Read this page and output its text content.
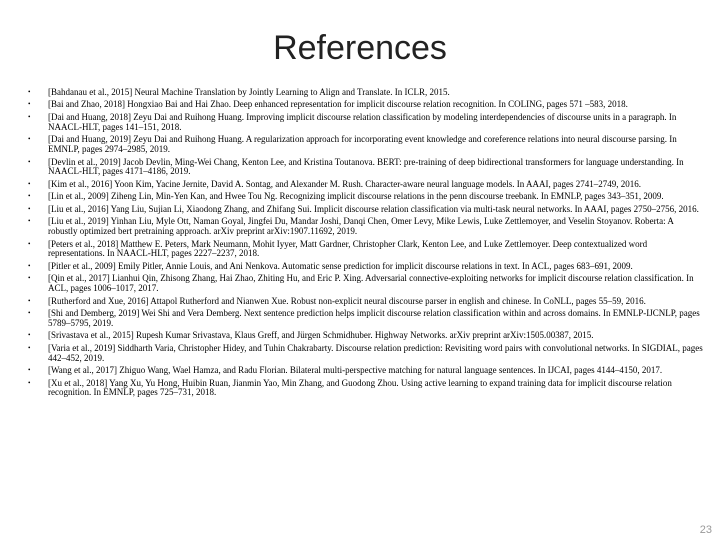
References
• [Bahdanau et al., 2015] Neural Machine Translation by Jointly Learning to Align and Translate. In ICLR, 2015.
• [Bai and Zhao, 2018] Hongxiao Bai and Hai Zhao. Deep enhanced representation for implicit discourse relation recognition. In COLING, pages 571 –583, 2018.
• [Dai and Huang, 2018] Zeyu Dai and Ruihong Huang. Improving implicit discourse relation classification by modeling interdependencies of discourse units in a paragraph. In NAACL-HLT, pages 141–151, 2018.
• [Dai and Huang, 2019] Zeyu Dai and Ruihong Huang. A regularization approach for incorporating event knowledge and coreference relations into neural discourse parsing. In EMNLP, pages 2974–2985, 2019.
• [Devlin et al., 2019] Jacob Devlin, Ming-Wei Chang, Kenton Lee, and Kristina Toutanova. BERT: pre-training of deep bidirectional transformers for language understanding. In NAACL-HLT, pages 4171–4186, 2019.
• [Kim et al., 2016] Yoon Kim, Yacine Jernite, David A. Sontag, and Alexander M. Rush. Character-aware neural language models. In AAAI, pages 2741–2749, 2016.
• [Lin et al., 2009] Ziheng Lin, Min-Yen Kan, and Hwee Tou Ng. Recognizing implicit discourse relations in the penn discourse treebank. In EMNLP, pages 343–351, 2009.
• [Liu et al., 2016] Yang Liu, Sujian Li, Xiaodong Zhang, and Zhifang Sui. Implicit discourse relation classification via multi-task neural networks. In AAAI, pages 2750–2756, 2016.
• [Liu et al., 2019] Yinhan Liu, Myle Ott, Naman Goyal, Jingfei Du, Mandar Joshi, Danqi Chen, Omer Levy, Mike Lewis, Luke Zettlemoyer, and Veselin Stoyanov. Roberta: A robustly optimized bert pretraining approach. arXiv preprint arXiv:1907.11692, 2019.
• [Peters et al., 2018] Matthew E. Peters, Mark Neumann, Mohit Iyyer, Matt Gardner, Christopher Clark, Kenton Lee, and Luke Zettlemoyer. Deep contextualized word representations. In NAACL-HLT, pages 2227–2237, 2018.
• [Pitler et al., 2009] Emily Pitler, Annie Louis, and Ani Nenkova. Automatic sense prediction for implicit discourse relations in text. In ACL, pages 683–691, 2009.
• [Qin et al., 2017] Lianhui Qin, Zhisong Zhang, Hai Zhao, Zhiting Hu, and Eric P. Xing. Adversarial connective-exploiting networks for implicit discourse relation classification. In ACL, pages 1006–1017, 2017.
• [Rutherford and Xue, 2016] Attapol Rutherford and Nianwen Xue. Robust non-explicit neural discourse parser in english and chinese. In CoNLL, pages 55–59, 2016.
• [Shi and Demberg, 2019] Wei Shi and Vera Demberg. Next sentence prediction helps implicit discourse relation classification within and across domains. In EMNLP-IJCNLP, pages 5789–5795, 2019.
• [Srivastava et al., 2015] Rupesh Kumar Srivastava, Klaus Greff, and Jürgen Schmidhuber. Highway Networks. arXiv preprint arXiv:1505.00387, 2015.
• [Varia et al., 2019] Siddharth Varia, Christopher Hidey, and Tuhin Chakrabarty. Discourse relation prediction: Revisiting word pairs with convolutional networks. In SIGDIAL, pages 442–452, 2019.
• [Wang et al., 2017] Zhiguo Wang, Wael Hamza, and Radu Florian. Bilateral multi-perspective matching for natural language sentences. In IJCAI, pages 4144–4150, 2017.
• [Xu et al., 2018] Yang Xu, Yu Hong, Huibin Ruan, Jianmin Yao, Min Zhang, and Guodong Zhou. Using active learning to expand training data for implicit discourse relation recognition. In EMNLP, pages 725–731, 2018.
23
